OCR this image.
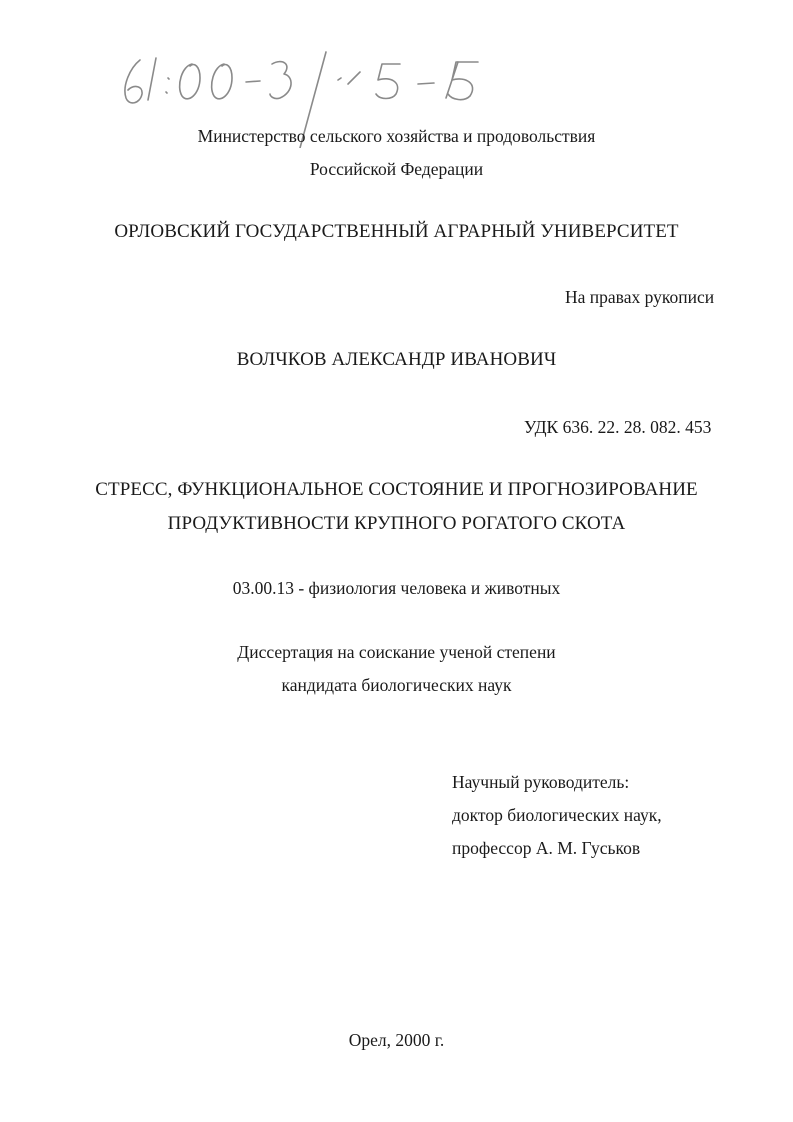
Министерство сельского хозяйства и продовольствия
Российской Федерации
ОРЛОВСКИЙ ГОСУДАРСТВЕННЫЙ АГРАРНЫЙ УНИВЕРСИТЕТ
На правах рукописи
ВОЛЧКОВ АЛЕКСАНДР ИВАНОВИЧ
УДК 636. 22. 28. 082. 453
СТРЕСС, ФУНКЦИОНАЛЬНОЕ СОСТОЯНИЕ И ПРОГНОЗИРОВАНИЕ
ПРОДУКТИВНОСТИ КРУПНОГО РОГАТОГО СКОТА
03.00.13 - физиология человека и животных
Диссертация на соискание ученой степени
кандидата биологических наук
Научный руководитель:
доктор биологических наук,
профессор А. М. Гуськов
Орел, 2000 г.
